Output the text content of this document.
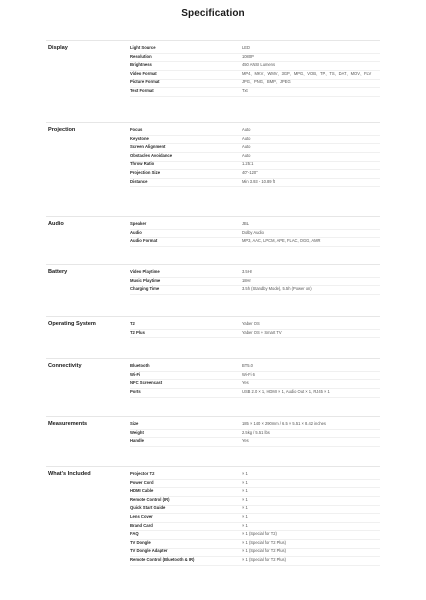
Specification
Display	Light Source	LED
Resolution	1080P
Brightness	450 ANSI Lumens
Video Format	MP4、MKV、WMV、3GP、MPG、VOB、TP、TS、DAT、MOV、FLV
Picture Format	JPG、PNG、BMP、JPEG
Text Format	Txt
Projection	Focus	Auto
Keystone	Auto
Screen Alignment	Auto
Obstacles Avoidance	Auto
Throw Ratio	1.25:1
Projection Size	40"-120"
Distance	Min 3.93 - 10.89 ft
Audio	Speaker	JBL
Audio	Dolby Audio
Audio Format	MP3, AAC, LPCM, APE, FLAC, OGG, AMR
Battery	Video Playtime	3.5Hr
Music Playtime	18Hr
Charging Time	3.5h (Standby Mode), 5.5h (Power on)
Operating System	T2	Yaber OS
T2 Plus	Yaber OS + Smart TV
Connectivity	Bluetooth	BT5.0
Wi-Fi	Wi-Fi 6
NFC Screencast	Yes
Ports	USB 2.0 × 1, HDMI × 1, Audio Out × 1, RJ45 × 1
Measurements	Size	185 × 140 × 290mm / 6.5 × 5.51 × 8.42 inches
Weight	2.5kg / 5.51 lbs
Handle	Yes
What's Included	Projector T2	× 1
Power Cord	× 1
HDMI Cable	× 1
Remote Control (IR)	× 1
Quick Start Guide	× 1
Lens Cover	× 1
Brand Card	× 1
FAQ	× 1 (Special for T2)
TV Dongle	× 1 (Special for T2 Plus)
TV Dongle Adapter	× 1 (Special for T2 Plus)
Remote Control (Bluetooth & IR)	× 1 (Special for T2 Plus)
